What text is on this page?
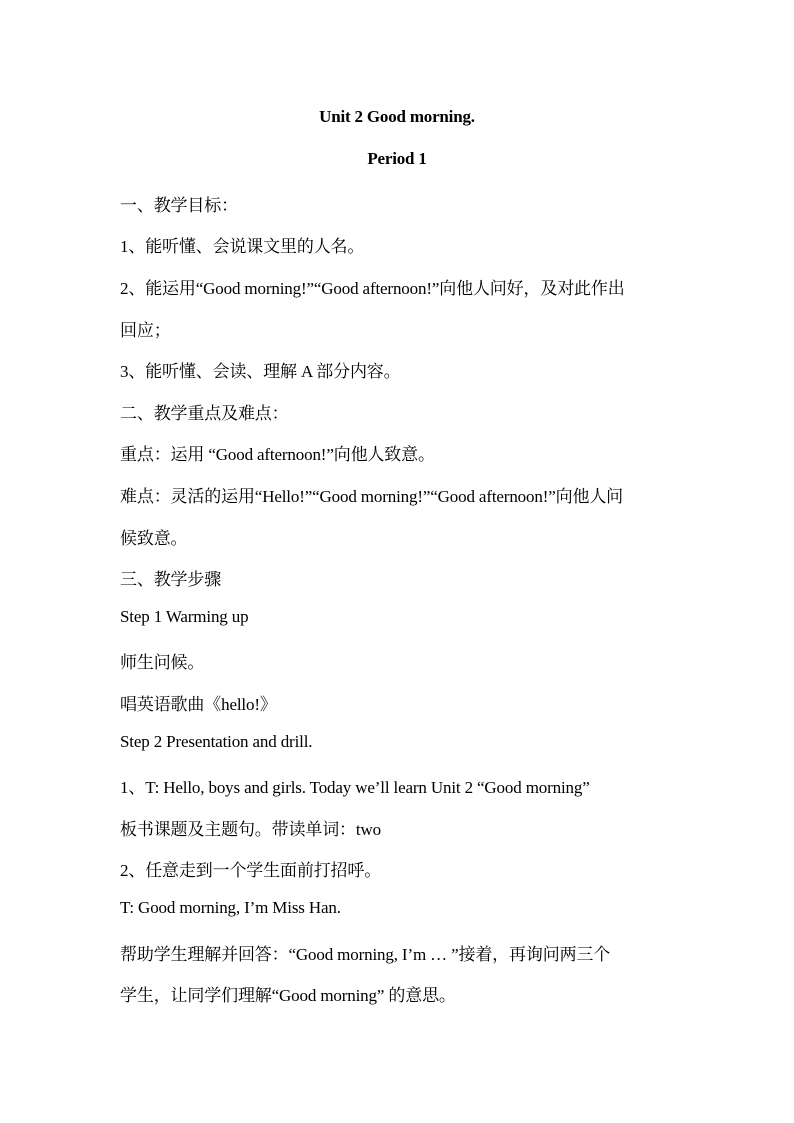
Unit 2 Good morning.
Period 1
一、教学目标：
1、能听懂、会说课文里的人名。
2、能运用“Good morning!”“Good afternoon!”向他人问好，及对此作出
回应；
3、能听懂、会读、理解 A 部分内容。
二、教学重点及难点：
重点：运用 “Good afternoon!”向他人致意。
难点：灵活的运用“Hello!”“Good morning!”“Good afternoon!”向他人问
候致意。
三、教学步骤
Step 1 Warming up
师生问候。
唱英语歌曲《hello!》
Step 2 Presentation and drill.
1、T: Hello, boys and girls. Today we’ll learn Unit 2 “Good morning”
板书课题及主题句。带读单词：two
2、任意走到一个学生面前打招呼。
T: Good morning, I’m Miss Han.
帮助学生理解并回答：“Good morning, I’m … ”接着，再询问两三个
学生，让同学们理解“Good morning” 的意思。
